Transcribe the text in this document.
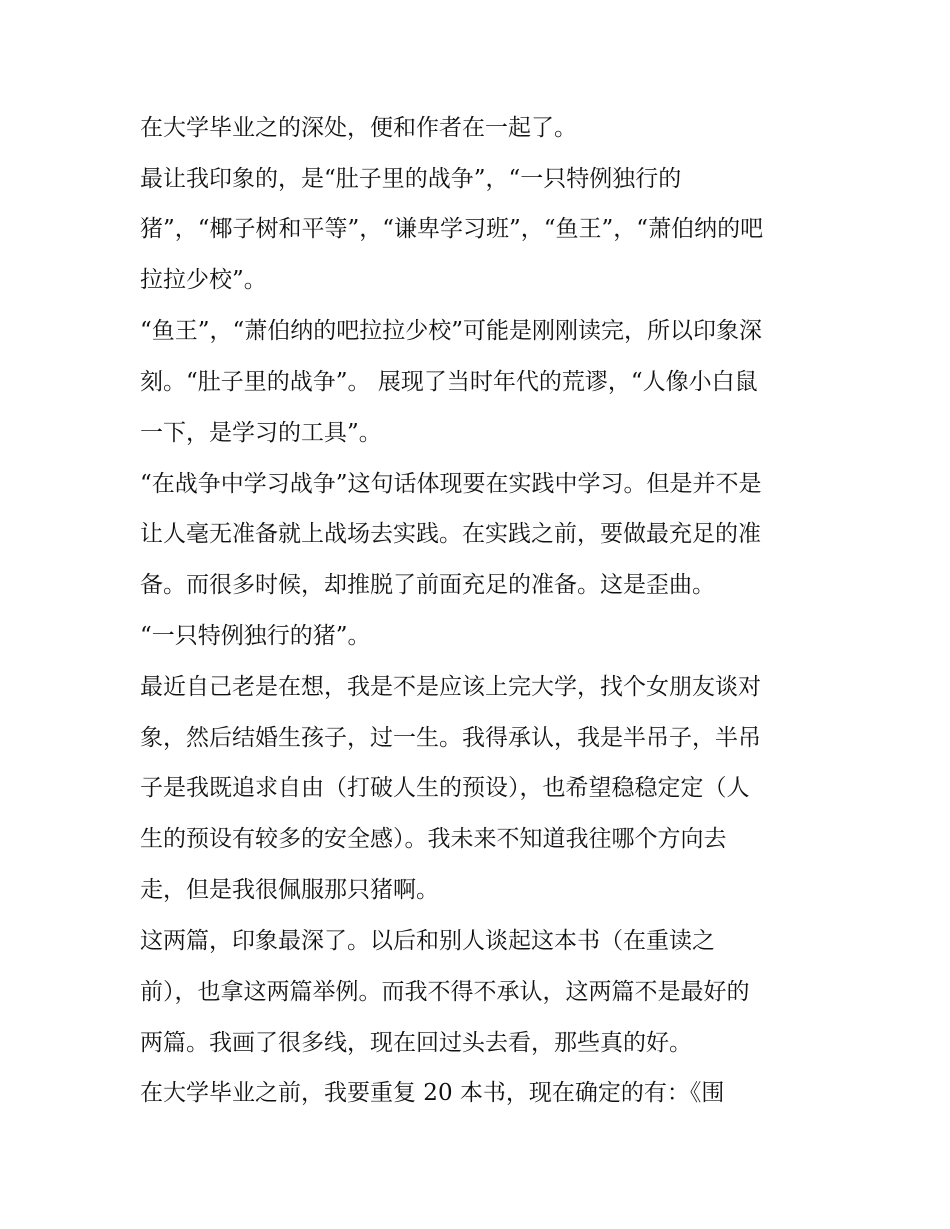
在大学毕业之的深处，便和作者在一起了。
最让我印象的，是“肚子里的战争”，“一只特例独行的
猪”，“椰子树和平等”，“谦卑学习班”，“鱼王”，“萧伯纳的吧
拉拉少校”。
“鱼王”，“萧伯纳的吧拉拉少校”可能是刚刚读完，所以印象深
刻。“肚子里的战争”。 展现了当时年代的荒谬，“人像小白鼠
一下，是学习的工具”。
“在战争中学习战争”这句话体现要在实践中学习。但是并不是
让人毫无准备就上战场去实践。在实践之前，要做最充足的准
备。而很多时候，却推脱了前面充足的准备。这是歪曲。
“一只特例独行的猪”。
最近自己老是在想，我是不是应该上完大学，找个女朋友谈对
象，然后结婚生孩子，过一生。我得承认，我是半吊子，半吊
子是我既追求自由（打破人生的预设），也希望稳稳定定（人
生的预设有较多的安全感）。我未来不知道我往哪个方向去
走，但是我很佩服那只猪啊。
这两篇，印象最深了。以后和别人谈起这本书（在重读之
前），也拿这两篇举例。而我不得不承认，这两篇不是最好的
两篇。我画了很多线，现在回过头去看，那些真的好。
在大学毕业之前，我要重复 20 本书，现在确定的有：《围
